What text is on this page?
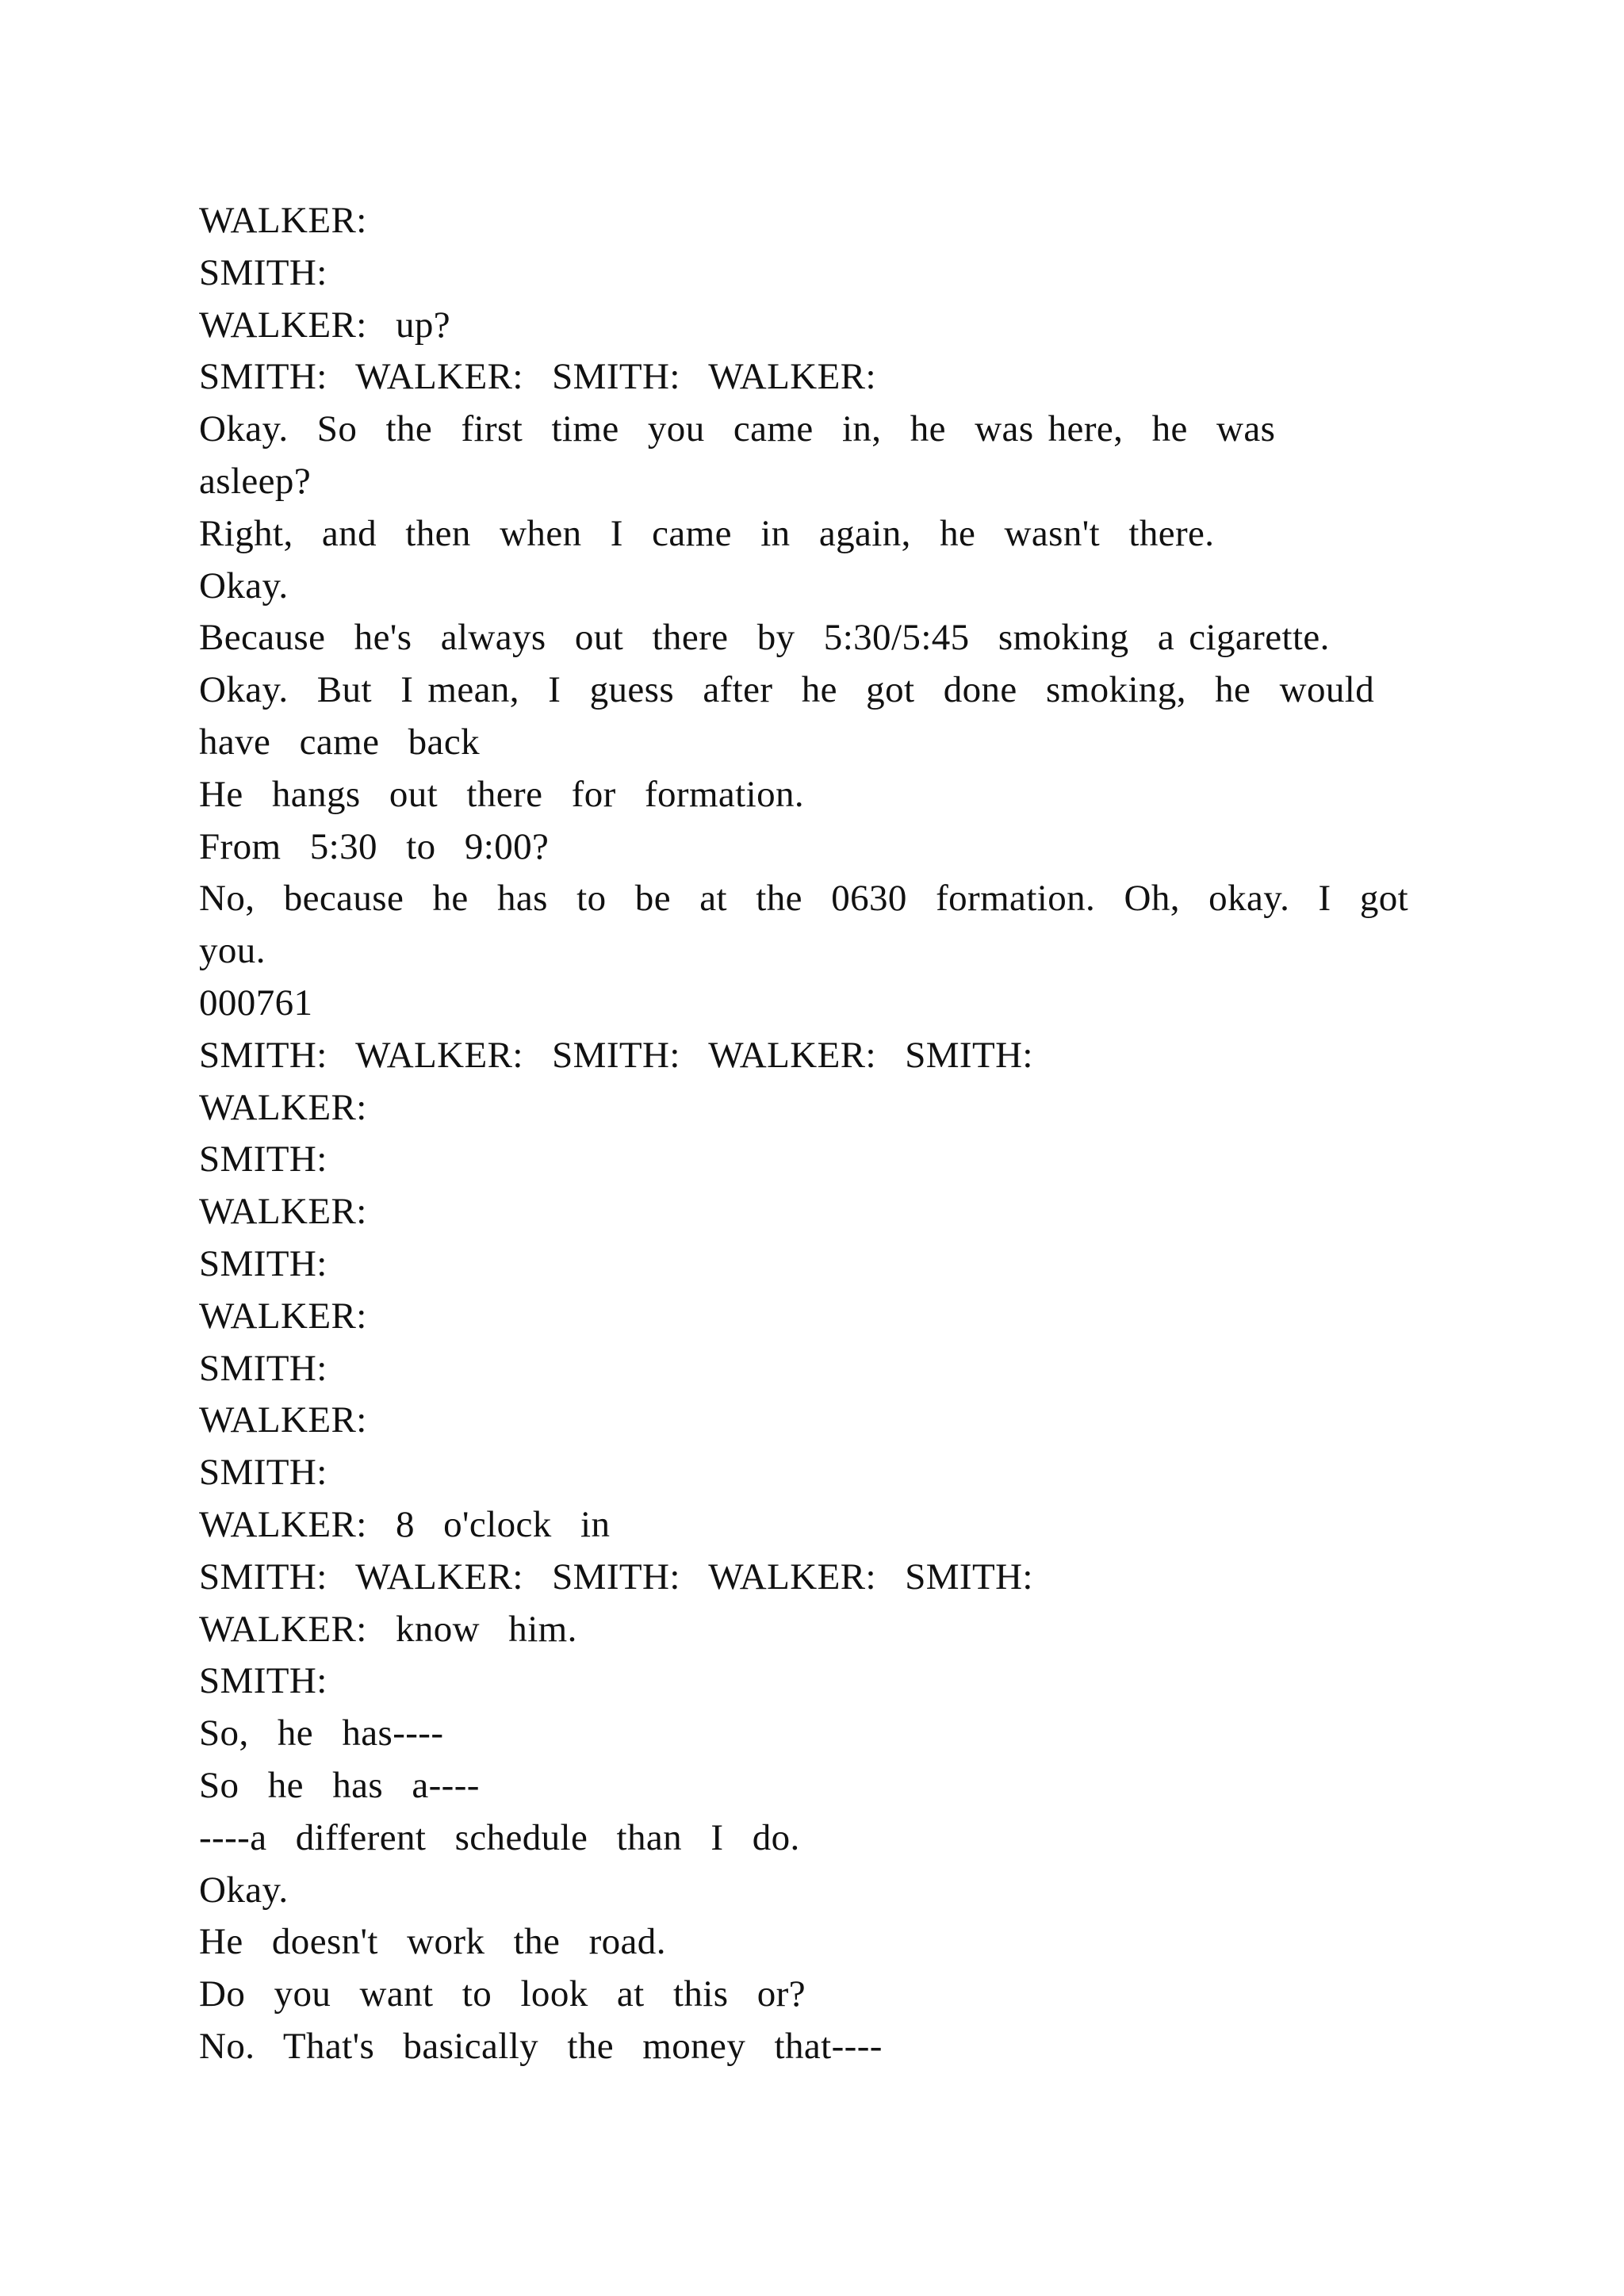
WALKER:
SMITH:
WALKER:  up?
SMITH:  WALKER:  SMITH:  WALKER:
Okay.  So  the  first  time  you  came  in,  he  was here,  he  was
asleep?
Right,  and  then  when  I  came  in  again,  he  wasn't  there.
Okay.
Because  he's  always  out  there  by  5:30/5:45  smoking  a cigarette.
Okay.  But  I mean,  I  guess  after  he  got  done  smoking,  he  would
have  came  back
He  hangs  out  there  for  formation.
From  5:30  to  9:00?
No,  because  he  has  to  be  at  the  0630  formation.  Oh,  okay.  I  got
you.
000761
SMITH:  WALKER:  SMITH:  WALKER:  SMITH:
WALKER:
SMITH:
WALKER:
SMITH:
WALKER:
SMITH:
WALKER:
SMITH:
WALKER:  8  o'clock  in
SMITH:  WALKER:  SMITH:  WALKER:  SMITH:
WALKER:  know  him.
SMITH:
So,  he  has----
So  he  has  a----
----a  different  schedule  than  I  do.
Okay.
He  doesn't  work  the  road.
Do  you  want  to  look  at  this  or?
No.  That's  basically  the  money  that----
